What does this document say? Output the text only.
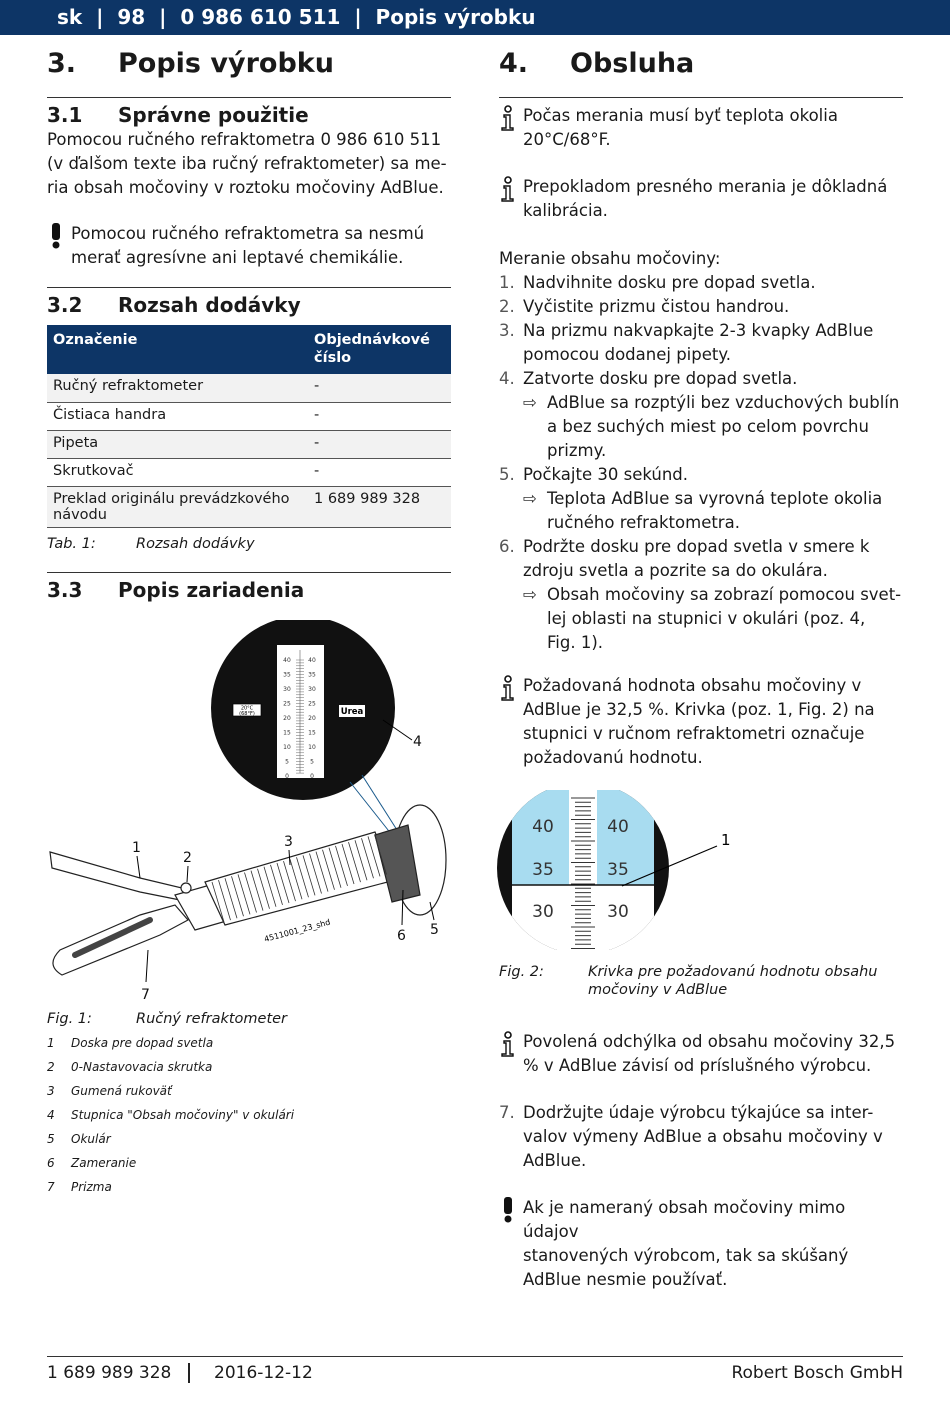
sk  |  98  |  0 986 610 511  |  Popis výrobku
3. Popis výrobku
3.1 Správne použitie
Pomocou ručného refraktometra 0 986 610 511
(v ďalšom texte iba ručný refraktometer) sa me-
ria obsah močoviny v roztoku močoviny AdBlue.
Pomocou ručného refraktometra sa nesmú
merať agresívne ani leptavé chemikálie.
3.2 Rozsah dodávky
Označenie	Objednávkové číslo
Ručný refraktometer	-
Čistiaca handra	-
Pipeta	-
Skrutkovač	-
Preklad originálu prevádzkového návodu	1 689 989 328
Tab. 1:	Rozsah dodávky
3.3 Popis zariadenia
40	40
35	35
30	30
25	25
20	20
15	15
10	10
5	5
0	0
20°C
(68°F)	Urea
4511001_23_shd
1
2
3
4
5
6
7
Fig. 1:	Ručný refraktometer
1 Doska pre dopad svetla
2 0-Nastavovacia skrutka
3 Gumená rukoväť
4 Stupnica "Obsah močoviny" v okulári
5 Okulár
6 Zameranie
7 Prizma
4. Obsluha
Počas merania musí byť teplota okolia
20°C/68°F.
Prepokladom presného merania je dôkladná
kalibrácia.
Meranie obsahu močoviny:
1. Nadvihnite dosku pre dopad svetla.
2. Vyčistite prizmu čistou handrou.
3. Na prizmu nakvapkajte 2-3 kvapky AdBlue
pomocou dodanej pipety.
4. Zatvorte dosku pre dopad svetla.
⇨ AdBlue sa rozptýli bez vzduchových bublín
a bez suchých miest po celom povrchu
prizmy.
5. Počkajte 30 sekúnd.
⇨ Teplota AdBlue sa vyrovná teplote okolia
ručného refraktometra.
6. Podržte dosku pre dopad svetla v smere k
zdroju svetla a pozrite sa do okulára.
⇨ Obsah močoviny sa zobrazí pomocou svet-
lej oblasti na stupnici v okulári (poz. 4,
Fig. 1).
Požadovaná hodnota obsahu močoviny v
AdBlue je 32,5 %. Krivka (poz. 1, Fig. 2) na
stupnici v ručnom refraktometri označuje
požadovanú hodnotu.
40	40
35	35
30	30
1
Fig. 2:	Krivka pre požadovanú hodnotu obsahu
močoviny v AdBlue
Povolená odchýlka od obsahu močoviny 32,5
% v AdBlue závisí od príslušného výrobcu.
7. Dodržujte údaje výrobcu týkajúce sa inter-
valov výmeny AdBlue a obsahu močoviny v
AdBlue.
Ak je nameraný obsah močoviny mimo údajov
stanovených výrobcom, tak sa skúšaný
AdBlue nesmie používať.
1 689 989 328	2016-12-12	Robert Bosch GmbH
